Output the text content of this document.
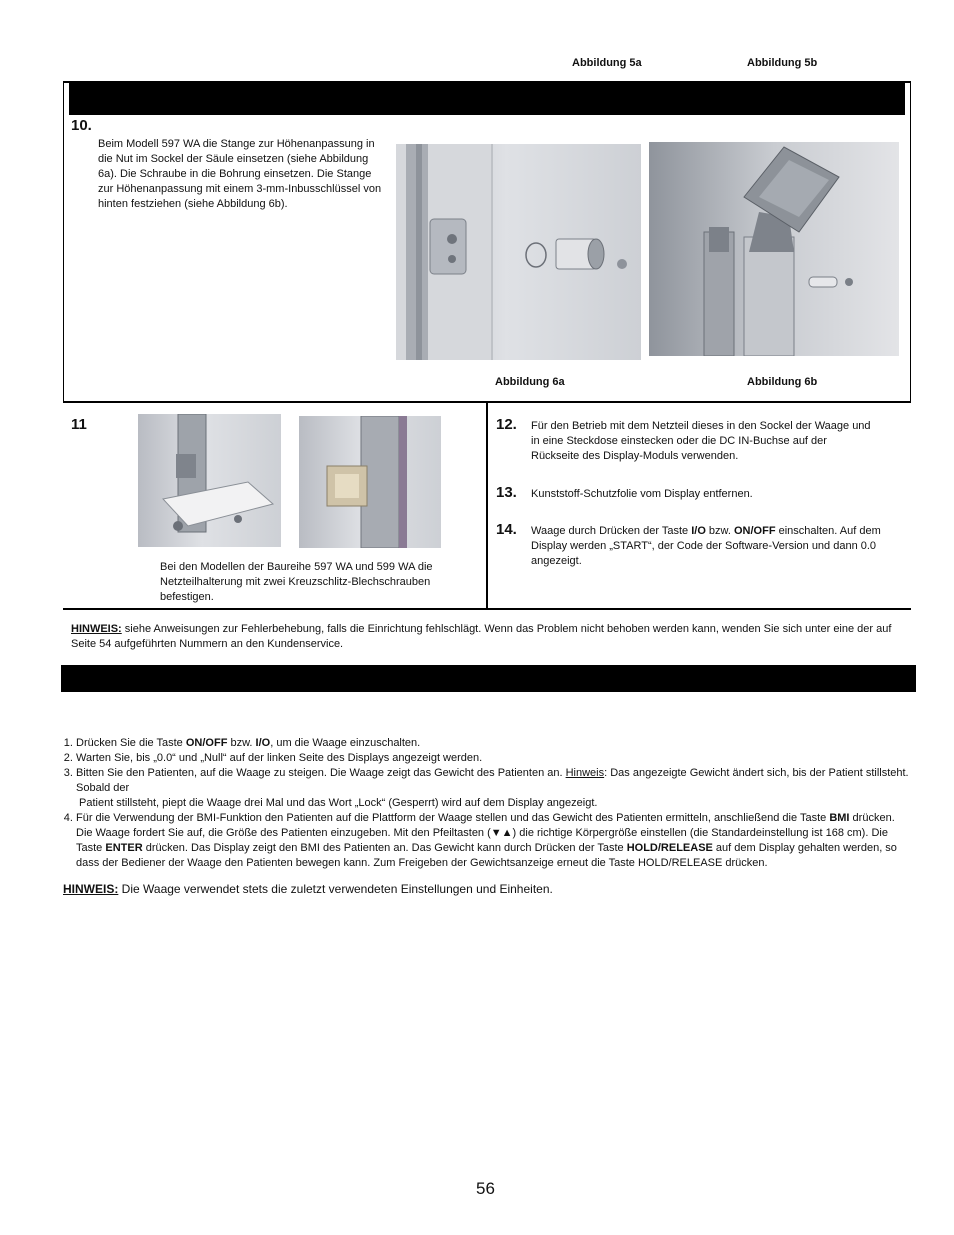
Abbildung 5a	Abbildung 5b
10.
Beim Modell 597 WA die Stange zur Höhenanpassung in die Nut im Sockel der Säule einsetzen (siehe Abbildung 6a). Die Schraube in die Bohrung einsetzen. Die Stange zur Höhenanpassung mit einem 3-mm-Inbusschlüssel von hinten festziehen (siehe Abbildung 6b).
Abbildung 6a	Abbildung 6b
11
Bei den Modellen der Baureihe 597 WA und 599 WA die Netzteilhalterung mit zwei Kreuzschlitz-Blechschrauben befestigen.
12. Für den Betrieb mit dem Netzteil dieses in den Sockel der Waage und in eine Steckdose einstecken oder die DC IN-Buchse auf der Rückseite des Display-Moduls verwenden.
13. Kunststoff-Schutzfolie vom Display entfernen.
14. Waage durch Drücken der Taste I/O bzw. ON/OFF einschalten. Auf dem Display werden „START“, der Code der Software-Version und dann 0.0 angezeigt.
HINWEIS: siehe Anweisungen zur Fehlerbehebung, falls die Einrichtung fehlschlägt. Wenn das Problem nicht behoben werden kann, wenden Sie sich unter eine der auf Seite 54 aufgeführten Nummern an den Kundenservice.
1. Drücken Sie die Taste ON/OFF bzw. I/O, um die Waage einzuschalten.
2. Warten Sie, bis „0.0“ und „Null“ auf der linken Seite des Displays angezeigt werden.
3. Bitten Sie den Patienten, auf die Waage zu steigen. Die Waage zeigt das Gewicht des Patienten an. Hinweis: Das angezeigte Gewicht ändert sich, bis der Patient stillsteht. Sobald der
Patient stillsteht, piept die Waage drei Mal und das Wort „Lock“ (Gesperrt) wird auf dem Display angezeigt.
4. Für die Verwendung der BMI-Funktion den Patienten auf die Plattform der Waage stellen und das Gewicht des Patienten ermitteln, anschließend die Taste BMI drücken. Die Waage fordert Sie auf, die Größe des Patienten einzugeben. Mit den Pfeiltasten (▼▲) die richtige Körpergröße einstellen (die Standardeinstellung ist 168 cm). Die Taste ENTER drücken. Das Display zeigt den BMI des Patienten an. Das Gewicht kann durch Drücken der Taste HOLD/RELEASE auf dem Display gehalten werden, so dass der Bediener der Waage den Patienten bewegen kann. Zum Freigeben der Gewichtsanzeige erneut die Taste HOLD/RELEASE drücken.
HINWEIS: Die Waage verwendet stets die zuletzt verwendeten Einstellungen und Einheiten.
56
